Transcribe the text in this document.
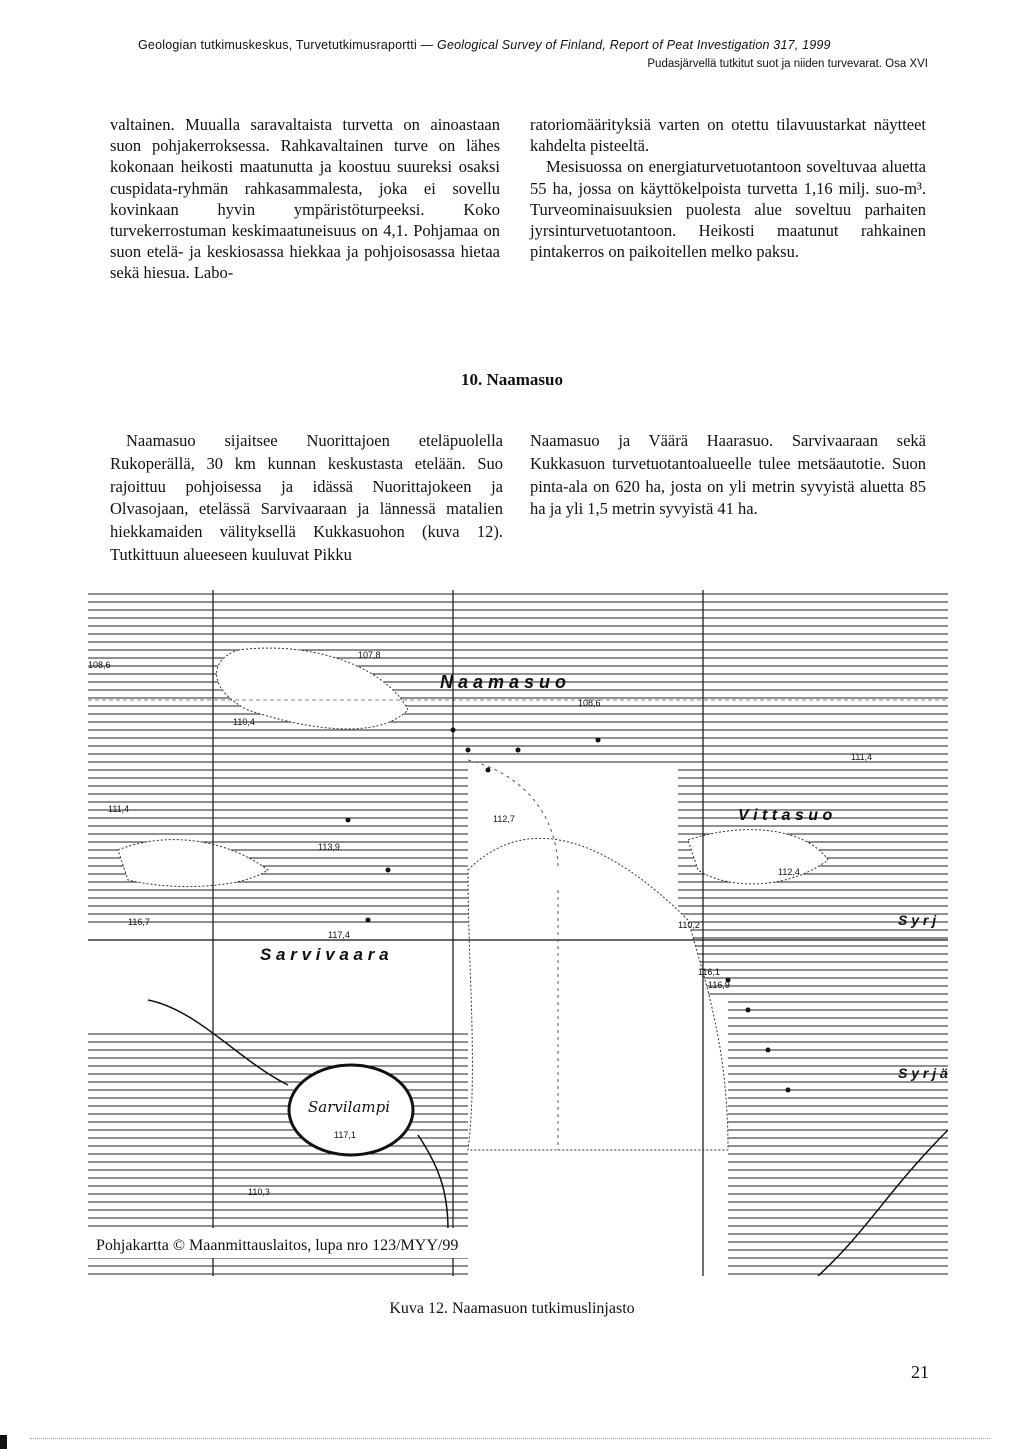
Geologian tutkimuskeskus, Turvetutkimusraportti — Geological Survey of Finland, Report of Peat Investigation 317, 1999
Pudasjärvellä tutkitut suot ja niiden turvevarat. Osa XVI

valtainen. Muualla saravaltaista turvetta on ainoastaan suon pohjakerroksessa. Rahkavaltainen turve on lähes kokonaan heikosti maatunutta ja koostuu suureksi osaksi cuspidata-ryhmän rahkasammalesta, joka ei sovellu kovinkaan hyvin ympäristöturpeeksi. Koko turvekerrostuman keskimaatuneisuus on 4,1. Pohjamaa on suon etelä- ja keskiosassa hiekkaa ja pohjoisosassa hietaa sekä hiesua. Labo-

ratoriomäärityksiä varten on otettu tilavuustarkat näytteet kahdelta pisteeltä.

Mesisuossa on energiaturvetuotantoon soveltuvaa aluetta 55 ha, jossa on käyttökelpoista turvetta 1,16 milj. suo-m³. Turveominaisuuksien puolesta alue soveltuu parhaiten jyrsinturvetuotantoon. Heikosti maatunut rahkainen pintakerros on paikoitellen melko paksu.

10. Naamasuo

Naamasuo sijaitsee Nuorittajoen eteläpuolella Rukoperällä, 30 km kunnan keskustasta etelään. Suo rajoittuu pohjoisessa ja idässä Nuorittajokeen ja Olvasojaan, etelässä Sarvivaaraan ja lännessä matalien hiekkamaiden välityksellä Kukkasuohon (kuva 12). Tutkittuun alueeseen kuuluvat Pikku

Naamasuo ja Väärä Haarasuo. Sarvivaaraan sekä Kukkasuon turvetuotantoalueelle tulee metsäautotie. Suon pinta-ala on 620 ha, josta on yli metrin syvyistä aluetta 85 ha ja yli 1,5 metrin syvyistä 41 ha.

N a a m a s u o
S a r v i v a a r a
V i t t a s u o
S y r j
S y r j ä
Sarvilampi
108,6
107,8
108,6
110,4
111,4
111,4
113,9
112,7
112,4
116,7
117,4
110,2
116,1
116,9
117,1
110,3
Pohjakartta © Maanmittauslaitos, lupa nro 123/MYY/99
Kuva 12. Naamasuon tutkimuslinjasto
21
